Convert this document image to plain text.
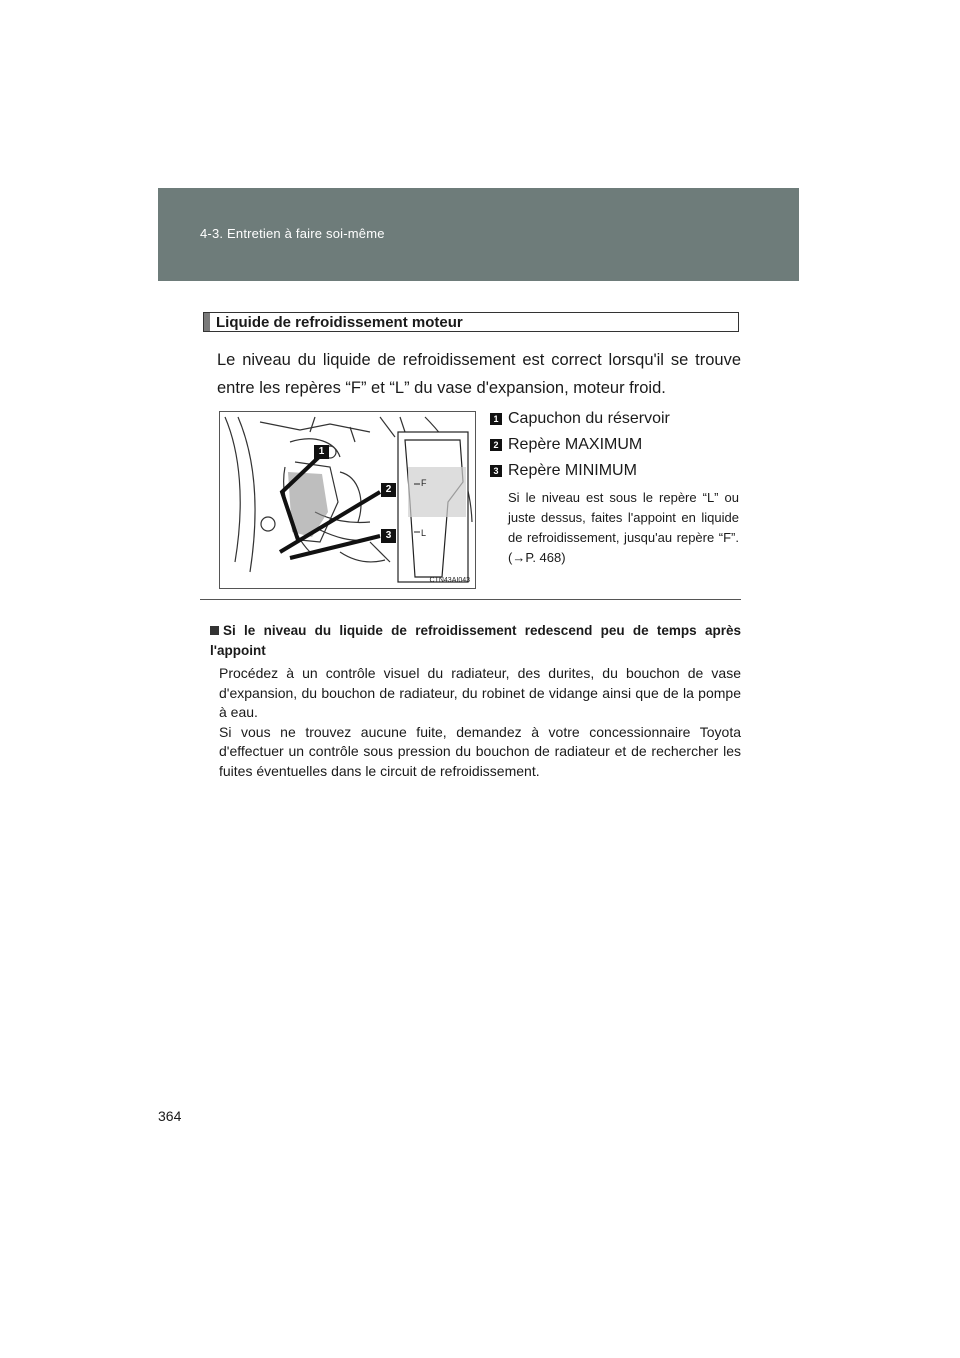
4-3. Entretien à faire soi-même
Liquide de refroidissement moteur
Le niveau du liquide de refroidissement est correct lorsqu'il se trouve entre les repères “F” et “L” du vase d'expansion, moteur froid.
F
L
1
2
3
CTN43AI043
1 Capuchon du réservoir
2 Repère MAXIMUM
3 Repère MINIMUM
Si le niveau est sous le repère “L” ou juste dessus, faites l'appoint en liquide de refroidissement, jusqu'au repère “F”. (→P. 468)
Si le niveau du liquide de refroidissement redescend peu de temps après l'appoint
Procédez à un contrôle visuel du radiateur, des durites, du bouchon de vase d'expansion, du bouchon de radiateur, du robinet de vidange ainsi que de la pompe à eau.
Si vous ne trouvez aucune fuite, demandez à votre concessionnaire Toyota d'effectuer un contrôle sous pression du bouchon de radiateur et de rechercher les fuites éventuelles dans le circuit de refroidissement.
364
